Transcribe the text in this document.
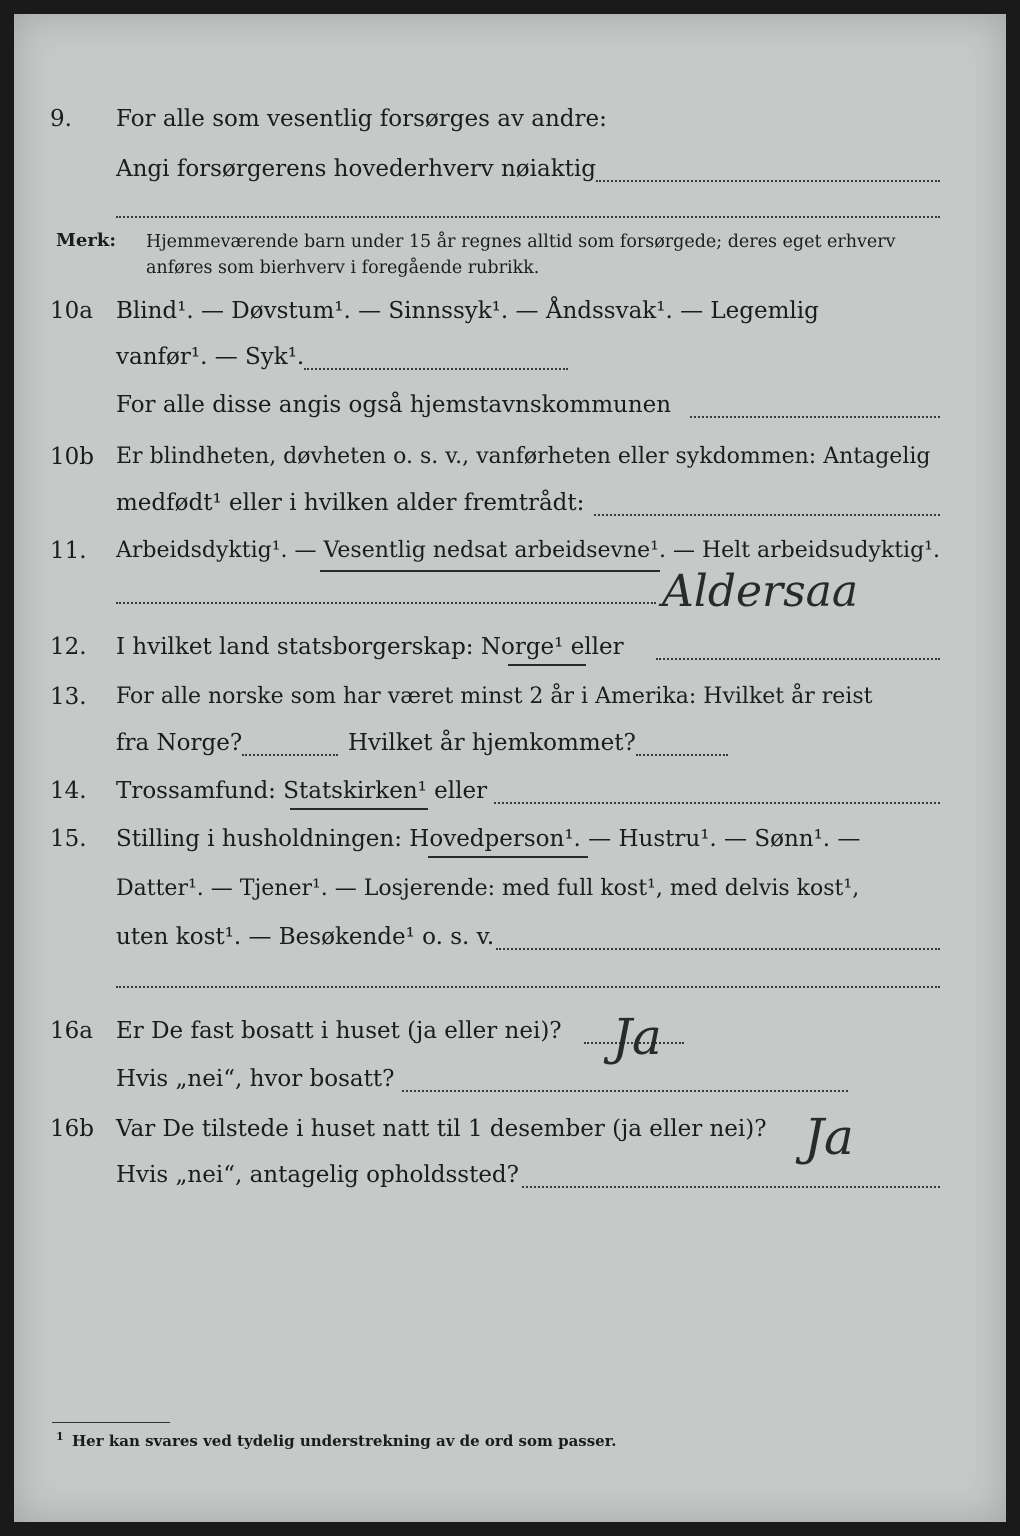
9. For alle som vesentlig forsørges av andre:
Angi forsørgerens hovederhverv nøiaktig
Merk: Hjemmeværende barn under 15 år regnes alltid som forsørgede; deres eget erhverv
anføres som bierhverv i foregående rubrikk.
10a Blind¹. — Døvstum¹. — Sinnssyk¹. — Åndssvak¹. — Legemlig
vanfør¹. — Syk¹.
For alle disse angis også hjemstavnskommunen
10b Er blindheten, døvheten o. s. v., vanførheten eller sykdommen: Antagelig
medfødt¹ eller i hvilken alder fremtrådt:
11. Arbeidsdyktig¹. — Vesentlig nedsat arbeidsevne¹. — Helt arbeidsudyktig¹.
Aldersaa
12. I hvilket land statsborgerskap: Norge¹ eller
13. For alle norske som har været minst 2 år i Amerika: Hvilket år reist
fra Norge?	Hvilket år hjemkommet?
14. Trossamfund: Statskirken¹ eller
15. Stilling i husholdningen: Hovedperson¹. — Hustru¹. — Sønn¹. —
Datter¹. — Tjener¹. — Losjerende: med full kost¹, med delvis kost¹,
uten kost¹. — Besøkende¹ o. s. v.
16a Er De fast bosatt i huset (ja eller nei)? Ja
Hvis „nei“, hvor bosatt?
16b Var De tilstede i huset natt til 1 desember (ja eller nei)? Ja
Hvis „nei“, antagelig opholdssted?
1 Her kan svares ved tydelig understrekning av de ord som passer.
